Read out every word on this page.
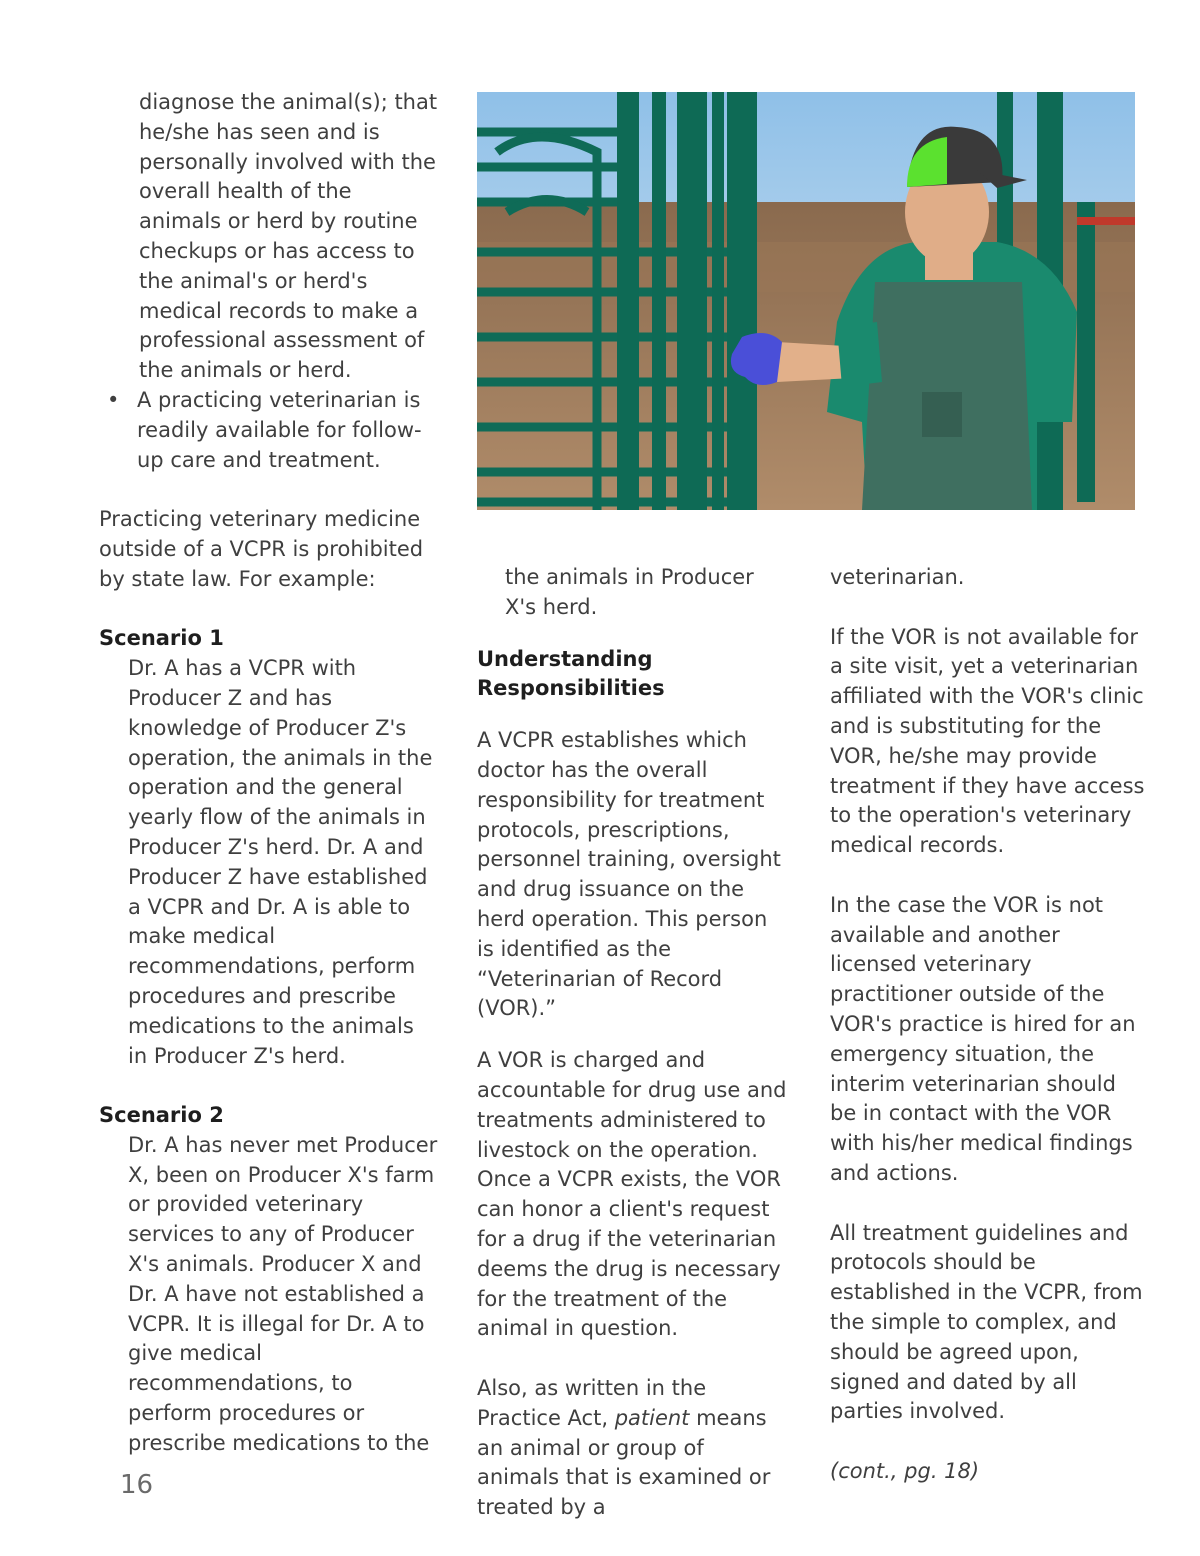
diagnose the animal(s); that he/she has seen and is personally involved with the overall health of the animals or herd by routine checkups or has access to the animal's or herd's medical records to make a professional assessment of the animals or herd.

• A practicing veterinarian is readily available for follow-up care and treatment.

Practicing veterinary medicine outside of a VCPR is prohibited by state law. For example:

Scenario 1

Dr. A has a VCPR with Producer Z and has knowledge of Producer Z's operation, the animals in the operation and the general yearly flow of the animals in Producer Z's herd. Dr. A and Producer Z have established a VCPR and Dr. A is able to make medical recommendations, perform procedures and prescribe medications to the animals in Producer Z's herd.

Scenario 2

Dr. A has never met Producer X, been on Producer X's farm or provided veterinary services to any of Producer X's animals. Producer X and Dr. A have not established a VCPR. It is illegal for Dr. A to give medical recommendations, to perform procedures or prescribe medications to the

the animals in Producer X's herd.

Understanding Responsibilities

A VCPR establishes which doctor has the overall responsibility for treatment protocols, prescriptions, personnel training, oversight and drug issuance on the herd operation. This person is identified as the “Veterinarian of Record (VOR).”

A VOR is charged and accountable for drug use and treatments administered to livestock on the operation. Once a VCPR exists, the VOR can honor a client's request for a drug if the veterinarian deems the drug is necessary for the treatment of the animal in question.

Also, as written in the Practice Act, patient means an animal or group of animals that is examined or treated by a

veterinarian.

If the VOR is not available for a site visit, yet a veterinarian affiliated with the VOR's clinic and is substituting for the VOR, he/she may provide treatment if they have access to the operation's veterinary medical records.

In the case the VOR is not available and another licensed veterinary practitioner outside of the VOR's practice is hired for an emergency situation, the interim veterinarian should be in contact with the VOR with his/her medical findings and actions.

All treatment guidelines and protocols should be established in the VCPR, from the simple to complex, and should be agreed upon, signed and dated by all parties involved.

(cont., pg. 18)

16
